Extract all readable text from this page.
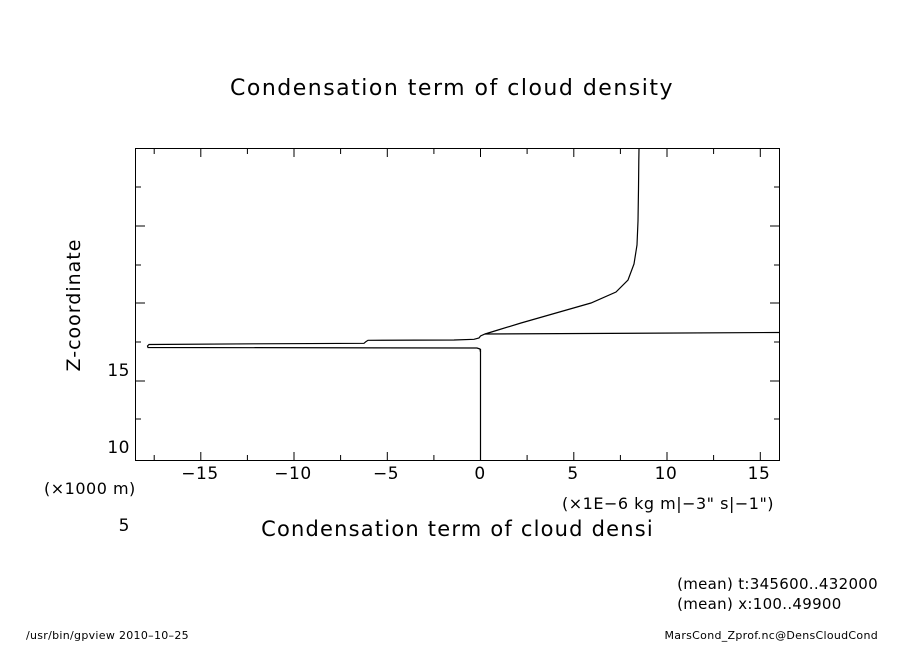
Condensation term of cloud density
Z-coordinate	15
10
5
−15	−10	−5	0	5	10	15
(×1000 m)
(×1E−6 kg m|−3" s|−1")
Condensation term of cloud densi
(mean) t:345600..432000
(mean) x:100..49900
/usr/bin/gpview 2010–10–25	MarsCond_Zprof.nc@DensCloudCond
